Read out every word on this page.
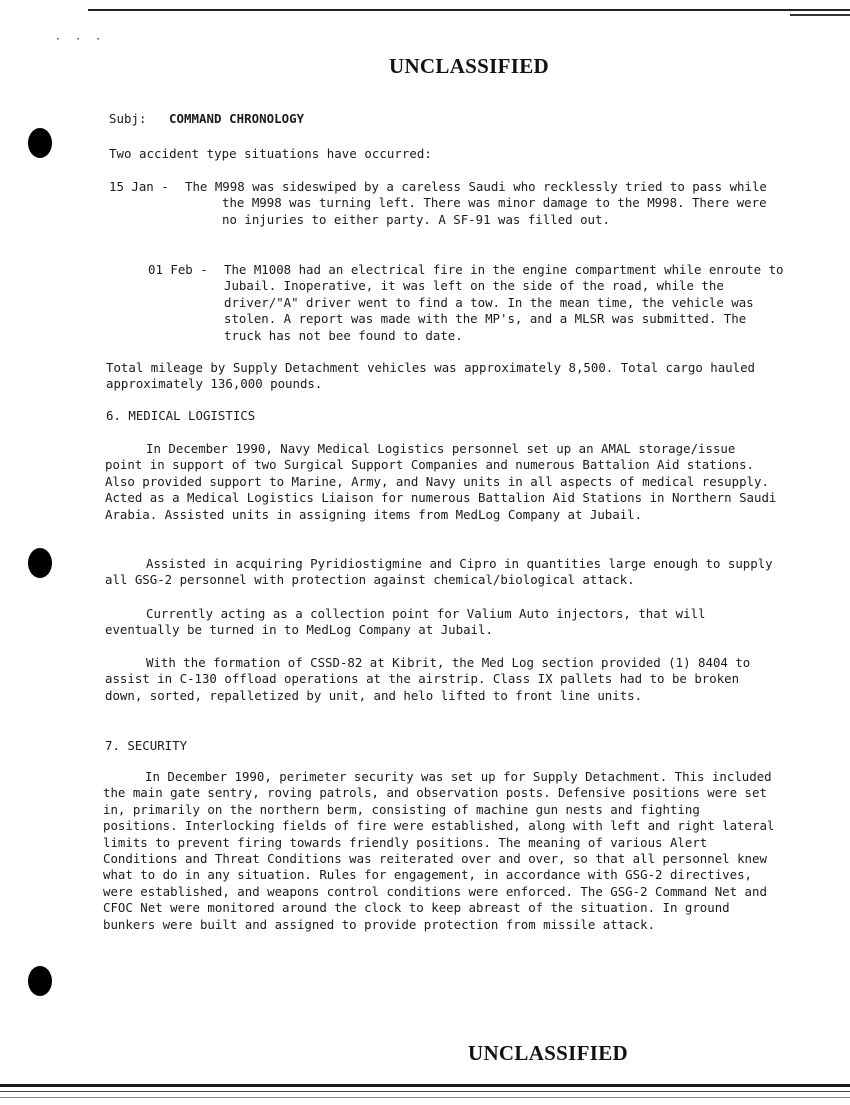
· · ·
UNCLASSIFIED
Subj: COMMAND CHRONOLOGY
Two accident type situations have occurred:
15 Jan - The M998 was sideswiped by a careless Saudi who recklessly tried to pass while the M998 was turning left. There was minor damage to the M998. There were no injuries to either party. A SF-91 was filled out.
01 Feb - The M1008 had an electrical fire in the engine compartment while enroute to Jubail. Inoperative, it was left on the side of the road, while the driver/"A" driver went to find a tow. In the mean time, the vehicle was stolen. A report was made with the MP's, and a MLSR was submitted. The truck has not bee found to date.
Total mileage by Supply Detachment vehicles was approximately 8,500. Total cargo hauled approximately 136,000 pounds.
6. MEDICAL LOGISTICS
In December 1990, Navy Medical Logistics personnel set up an AMAL storage/issue point in support of two Surgical Support Companies and numerous Battalion Aid stations. Also provided support to Marine, Army, and Navy units in all aspects of medical resupply. Acted as a Medical Logistics Liaison for numerous Battalion Aid Stations in Northern Saudi Arabia. Assisted units in assigning items from MedLog Company at Jubail.
Assisted in acquiring Pyridiostigmine and Cipro in quantities large enough to supply all GSG-2 personnel with protection against chemical/biological attack.
Currently acting as a collection point for Valium Auto injectors, that will eventually be turned in to MedLog Company at Jubail.
With the formation of CSSD-82 at Kibrit, the Med Log section provided (1) 8404 to assist in C-130 offload operations at the airstrip. Class IX pallets had to be broken down, sorted, repalletized by unit, and helo lifted to front line units.
7. SECURITY
In December 1990, perimeter security was set up for Supply Detachment. This included the main gate sentry, roving patrols, and observation posts. Defensive positions were set in, primarily on the northern berm, consisting of machine gun nests and fighting positions. Interlocking fields of fire were established, along with left and right lateral limits to prevent firing towards friendly positions. The meaning of various Alert Conditions and Threat Conditions was reiterated over and over, so that all personnel knew what to do in any situation. Rules for engagement, in accordance with GSG-2 directives, were established, and weapons control conditions were enforced. The GSG-2 Command Net and CFOC Net were monitored around the clock to keep abreast of the situation. In ground bunkers were built and assigned to provide protection from missile attack.
UNCLASSIFIED
